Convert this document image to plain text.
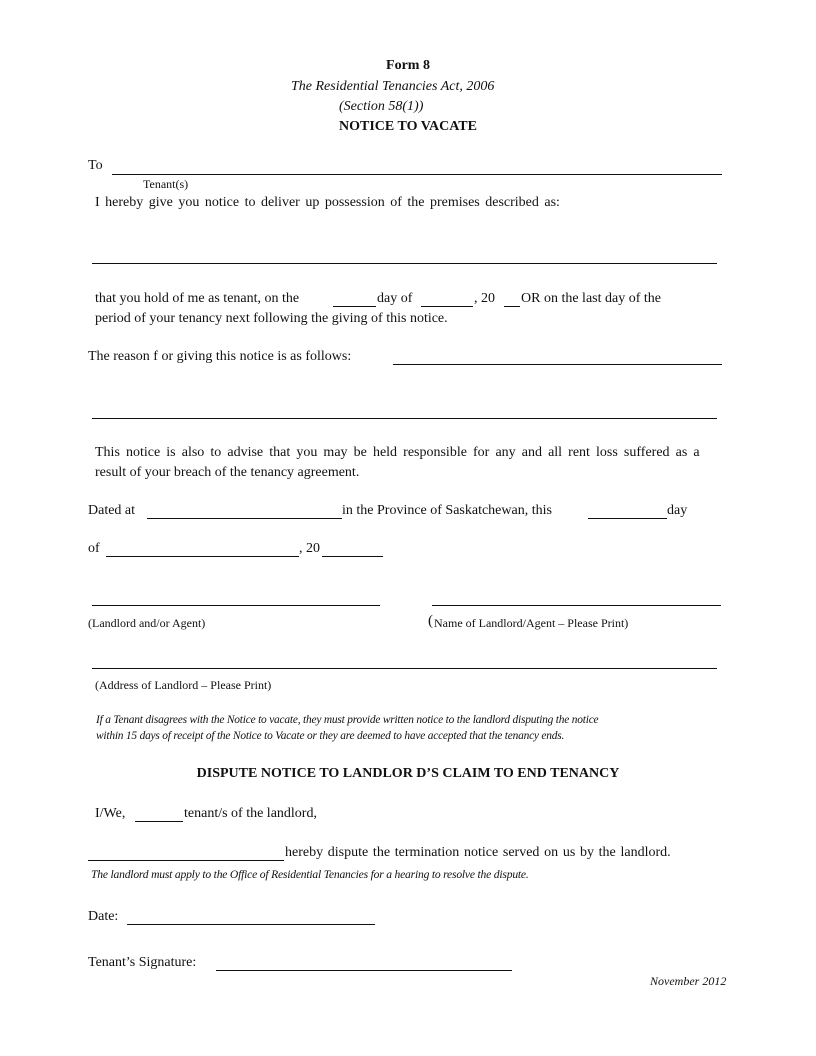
Form 8
The Residential Tenancies Act, 2006
(Section 58(1))
NOTICE TO VACATE
To
Tenant(s)
I hereby give you notice to deliver up possession of the premises described as:
that you hold of me as tenant, on the	day of	, 20 OR on the last day of the
period of your tenancy next following the giving of this notice.
The reason f or giving this notice is as follows:
This notice is also to advise that you may be held responsible for any and all rent loss suffered as a
result of your breach of the tenancy agreement.
Dated at	in the Province of Saskatchewan, this	day
of	, 20
(Landlord and/or Agent)	( Name of Landlord/Agent – Please Print)
(Address of Landlord – Please Print)
If a Tenant disagrees with the Notice to vacate, they must provide written notice to the landlord disputing the notice
within 15 days of receipt of the Notice to Vacate or they are deemed to have accepted that the tenancy ends.
DISPUTE NOTICE TO LANDLOR D’S CLAIM TO END TENANCY
I/We,	tenant/s of the landlord,
hereby dispute the termination notice served on us by the landlord.
The landlord must apply to the Office of Residential Tenancies for a hearing to resolve the dispute.
Date:
Tenant’s Signature:
November 2012
